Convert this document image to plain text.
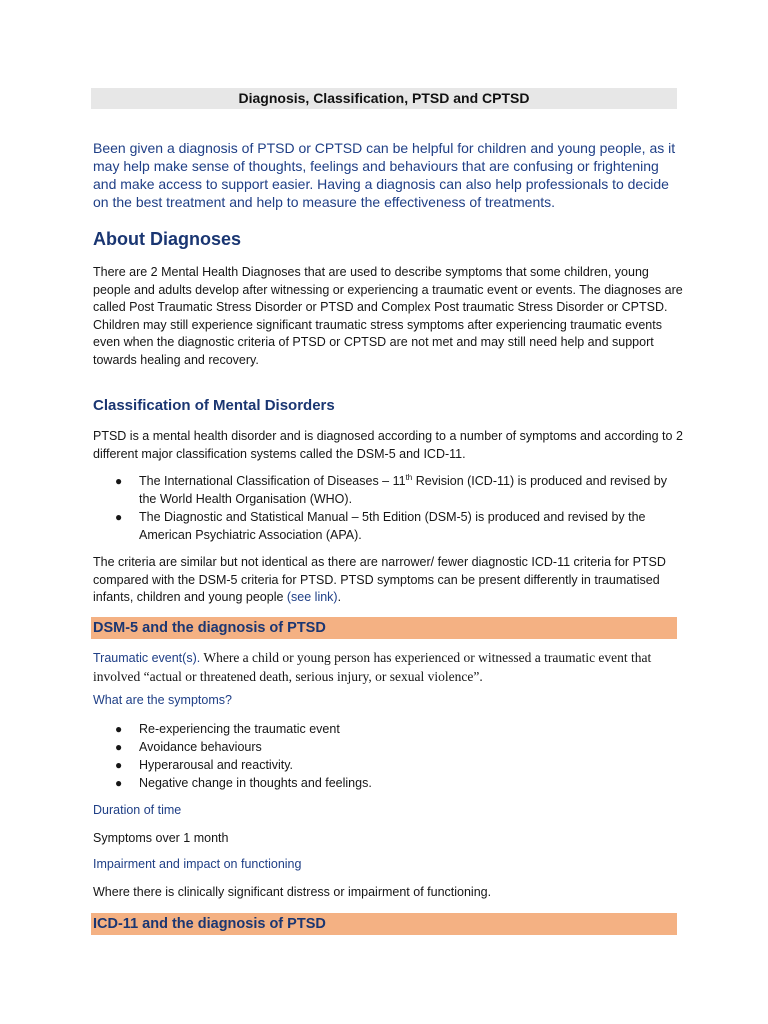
Diagnosis, Classification, PTSD and CPTSD

Been given a diagnosis of PTSD or CPTSD can be helpful for children and young people, as it may help make sense of thoughts, feelings and behaviours that are confusing or frightening and make access to support easier. Having a diagnosis can also help professionals to decide on the best treatment and help to measure the effectiveness of treatments.

About Diagnoses

There are 2 Mental Health Diagnoses that are used to describe symptoms that some children, young people and adults develop after witnessing or experiencing a traumatic event or events. The diagnoses are called Post Traumatic Stress Disorder or PTSD and Complex Post traumatic Stress Disorder or CPTSD. Children may still experience significant traumatic stress symptoms after experiencing traumatic events even when the diagnostic criteria of PTSD or CPTSD are not met and may still need help and support towards healing and recovery.

Classification of Mental Disorders

PTSD is a mental health disorder and is diagnosed according to a number of symptoms and according to 2 different major classification systems called the DSM-5 and ICD-11.

● The International Classification of Diseases – 11th Revision (ICD-11) is produced and revised by the World Health Organisation (WHO).
● The Diagnostic and Statistical Manual – 5th Edition (DSM-5) is produced and revised by the American Psychiatric Association (APA).

The criteria are similar but not identical as there are narrower/ fewer diagnostic ICD-11 criteria for PTSD compared with the DSM-5 criteria for PTSD. PTSD symptoms can be present differently in traumatised infants, children and young people (see link).

DSM-5 and the diagnosis of PTSD

Traumatic event(s). Where a child or young person has experienced or witnessed a traumatic event that involved “actual or threatened death, serious injury, or sexual violence”.

What are the symptoms?

● Re-experiencing the traumatic event
● Avoidance behaviours
● Hyperarousal and reactivity.
● Negative change in thoughts and feelings.

Duration of time

Symptoms over 1 month

Impairment and impact on functioning

Where there is clinically significant distress or impairment of functioning.

ICD-11 and the diagnosis of PTSD
